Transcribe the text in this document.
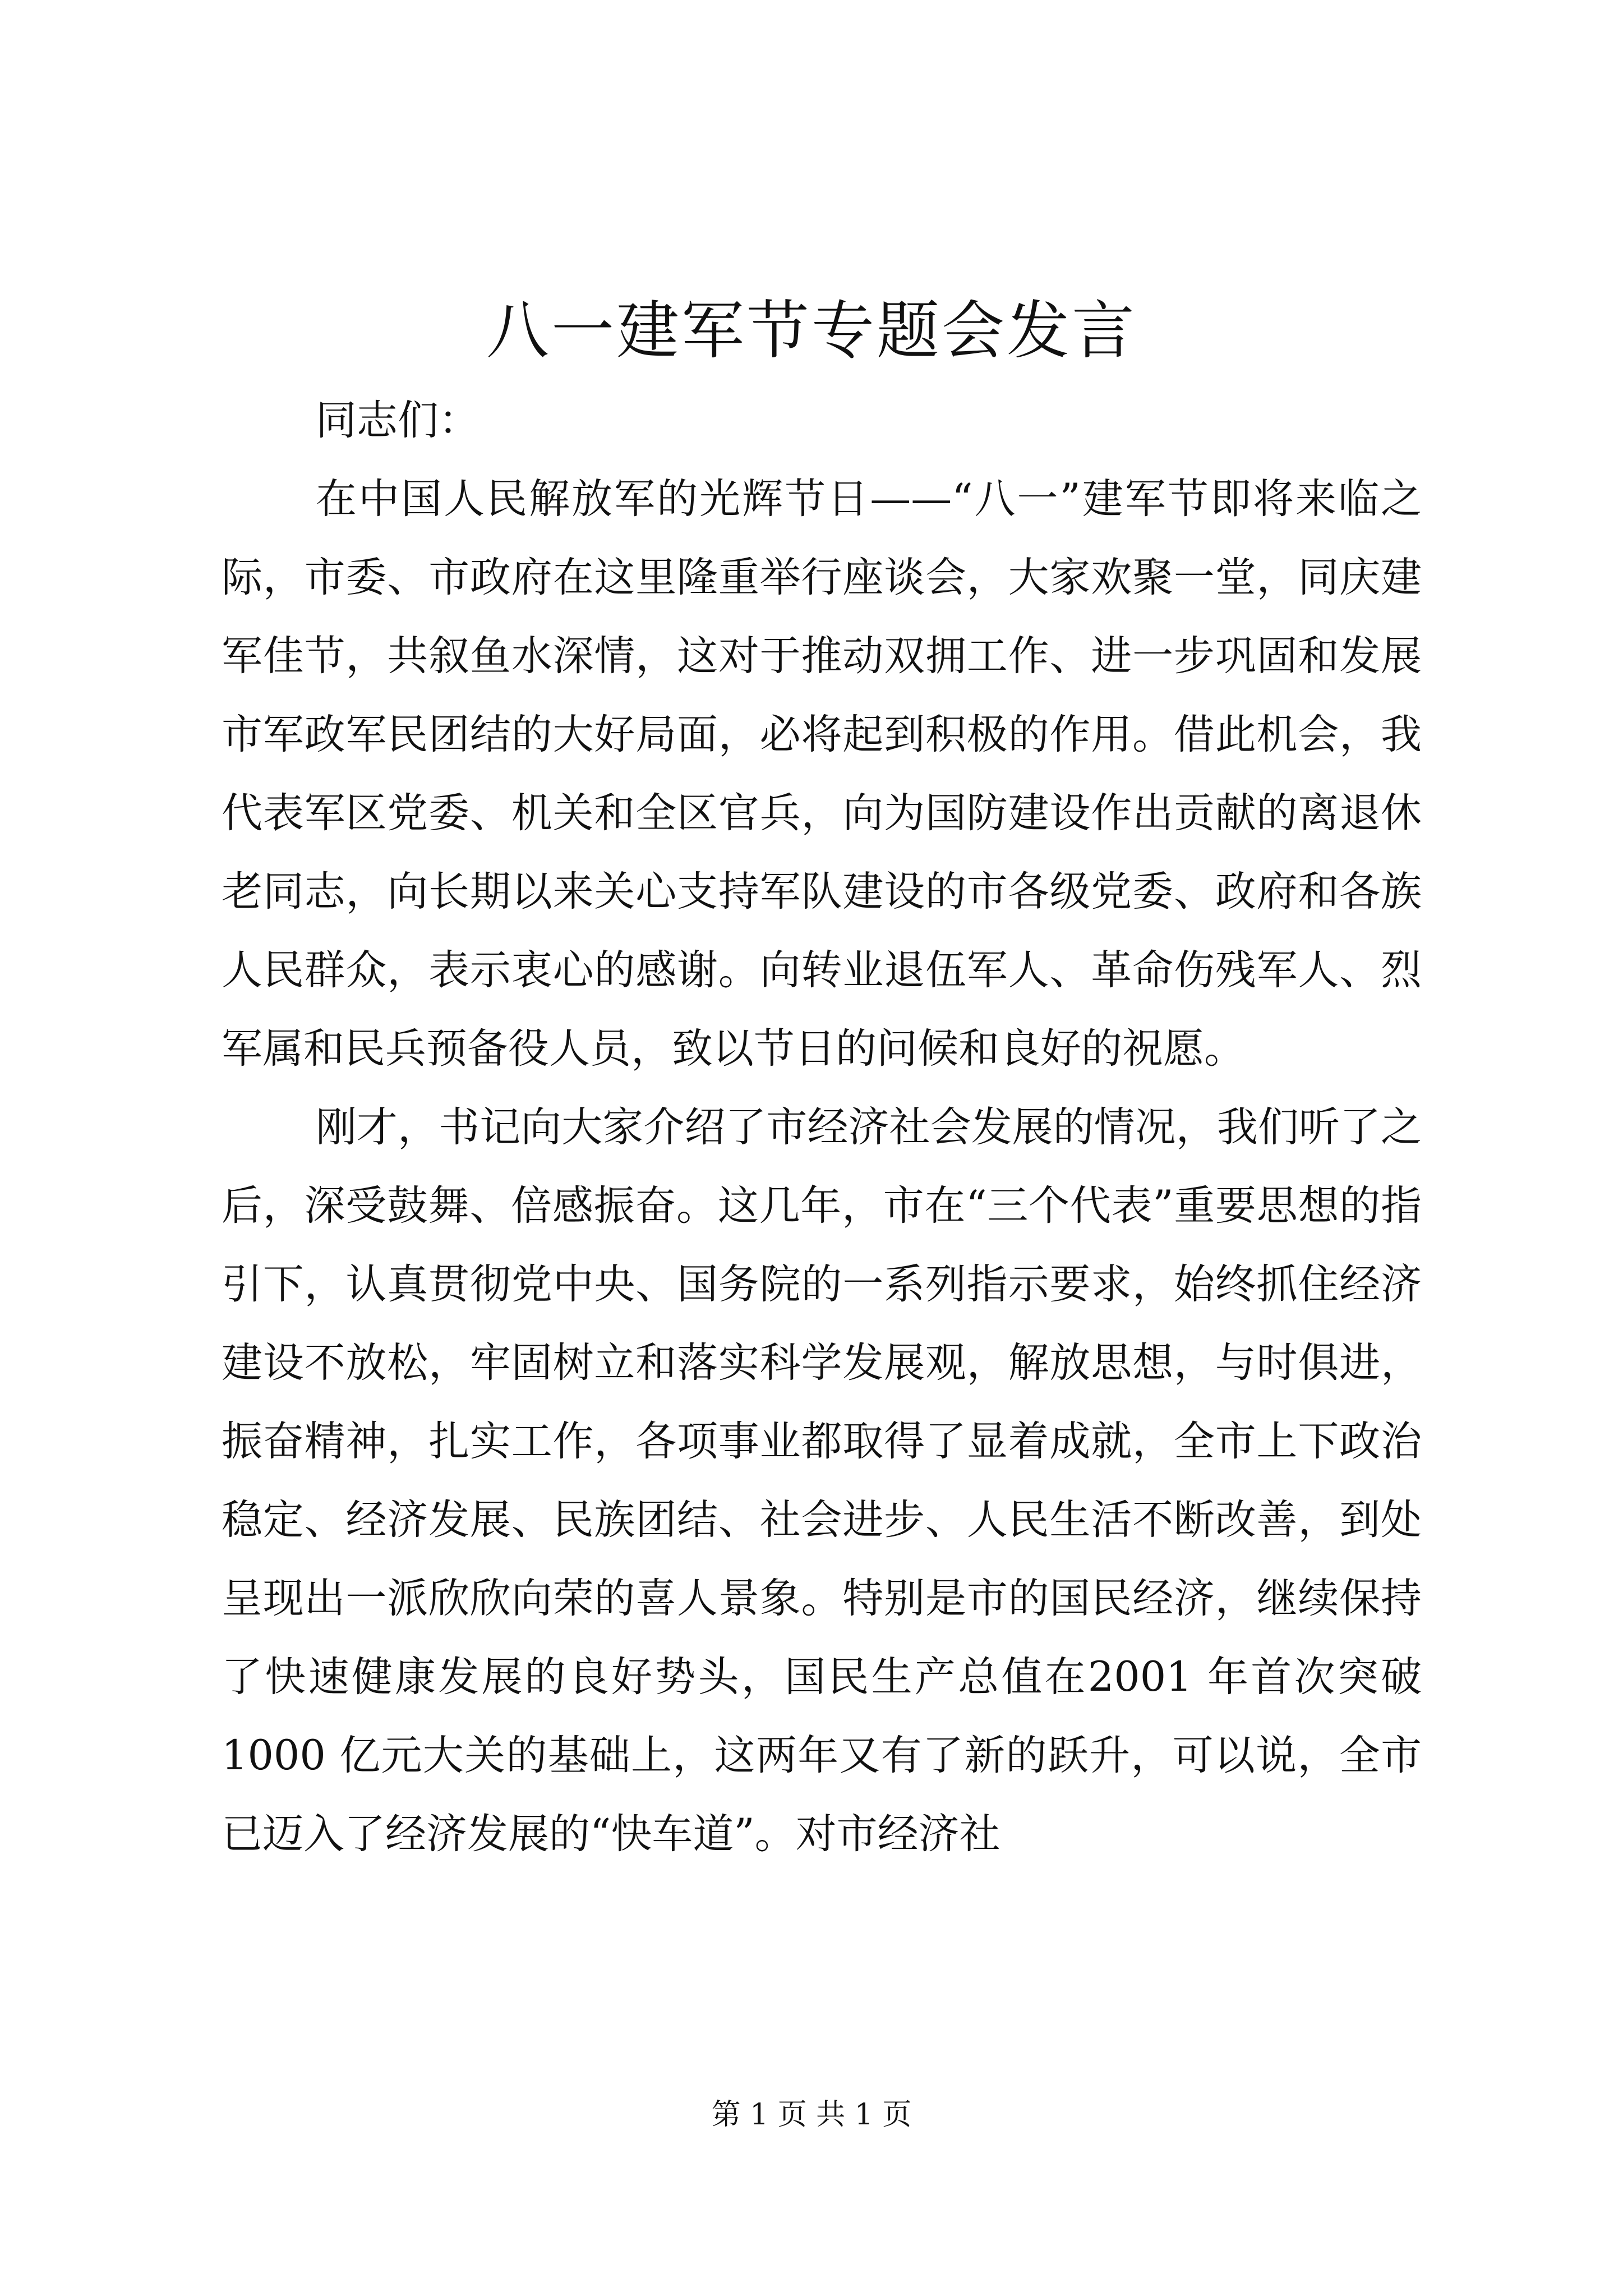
八一建军节专题会发言

同志们：

在中国人民解放军的光辉节日——“八一”建军节即将来临之际，市委、市政府在这里隆重举行座谈会，大家欢聚一堂，同庆建军佳节，共叙鱼水深情，这对于推动双拥工作、进一步巩固和发展市军政军民团结的大好局面，必将起到积极的作用。借此机会，我代表军区党委、机关和全区官兵，向为国防建设作出贡献的离退休老同志，向长期以来关心支持军队建设的市各级党委、政府和各族人民群众，表示衷心的感谢。向转业退伍军人、革命伤残军人、烈军属和民兵预备役人员，致以节日的问候和良好的祝愿。

刚才，书记向大家介绍了市经济社会发展的情况，我们听了之后，深受鼓舞、倍感振奋。这几年，市在“三个代表”重要思想的指引下，认真贯彻党中央、国务院的一系列指示要求，始终抓住经济建设不放松，牢固树立和落实科学发展观，解放思想，与时俱进，振奋精神，扎实工作，各项事业都取得了显着成就，全市上下政治稳定、经济发展、民族团结、社会进步、人民生活不断改善，到处呈现出一派欣欣向荣的喜人景象。特别是市的国民经济，继续保持了快速健康发展的良好势头，国民生产总值在2001 年首次突破 1000 亿元大关的基础上，这两年又有了新的跃升，可以说，全市已迈入了经济发展的“快车道”。对市经济社

第 1 页 共 1 页
